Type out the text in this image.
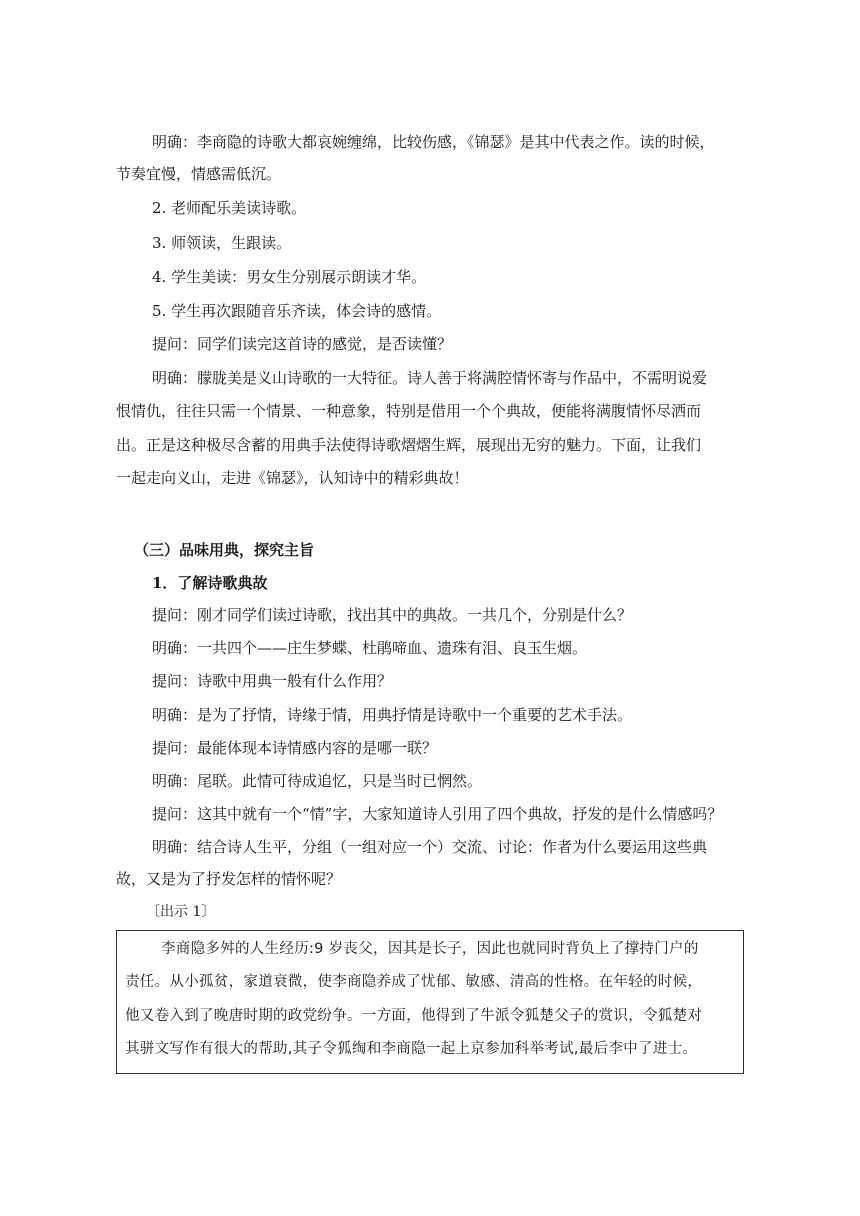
明确：李商隐的诗歌大都哀婉缠绵，比较伤感，《锦瑟》是其中代表之作。读的时候，
节奏宜慢，情感需低沉。
2. 老师配乐美读诗歌。
3. 师领读，生跟读。
4. 学生美读：男女生分别展示朗读才华。
5. 学生再次跟随音乐齐读，体会诗的感情。
提问：同学们读完这首诗的感觉，是否读懂？
明确：朦胧美是义山诗歌的一大特征。诗人善于将满腔情怀寄与作品中，不需明说爱
恨情仇，往往只需一个情景、一种意象，特别是借用一个个典故，便能将满腹情怀尽洒而
出。正是这种极尽含蓄的用典手法使得诗歌熠熠生辉，展现出无穷的魅力。下面，让我们
一起走向义山，走进《锦瑟》，认知诗中的精彩典故！
（三）品味用典，探究主旨
1．了解诗歌典故
提问：刚才同学们读过诗歌，找出其中的典故。一共几个，分别是什么？
明确：一共四个——庄生梦蝶、杜鹃啼血、遗珠有泪、良玉生烟。
提问：诗歌中用典一般有什么作用？
明确：是为了抒情，诗缘于情，用典抒情是诗歌中一个重要的艺术手法。
提问：最能体现本诗情感内容的是哪一联？
明确：尾联。此情可待成追忆，只是当时已惘然。
提问：这其中就有一个“情”字，大家知道诗人引用了四个典故，抒发的是什么情感吗？
明确：结合诗人生平，分组（一组对应一个）交流、讨论：作者为什么要运用这些典
故，又是为了抒发怎样的情怀呢？
〔出示 1〕
李商隐多舛的人生经历:9 岁丧父，因其是长子，因此也就同时背负上了撑持门户的
责任。从小孤贫，家道衰微，使李商隐养成了忧郁、敏感、清高的性格。在年轻的时候，
他又卷入到了晚唐时期的政党纷争。一方面，他得到了牛派令狐楚父子的赏识，令狐楚对
其骈文写作有很大的帮助,其子令狐绹和李商隐一起上京参加科举考试,最后李中了进士。
